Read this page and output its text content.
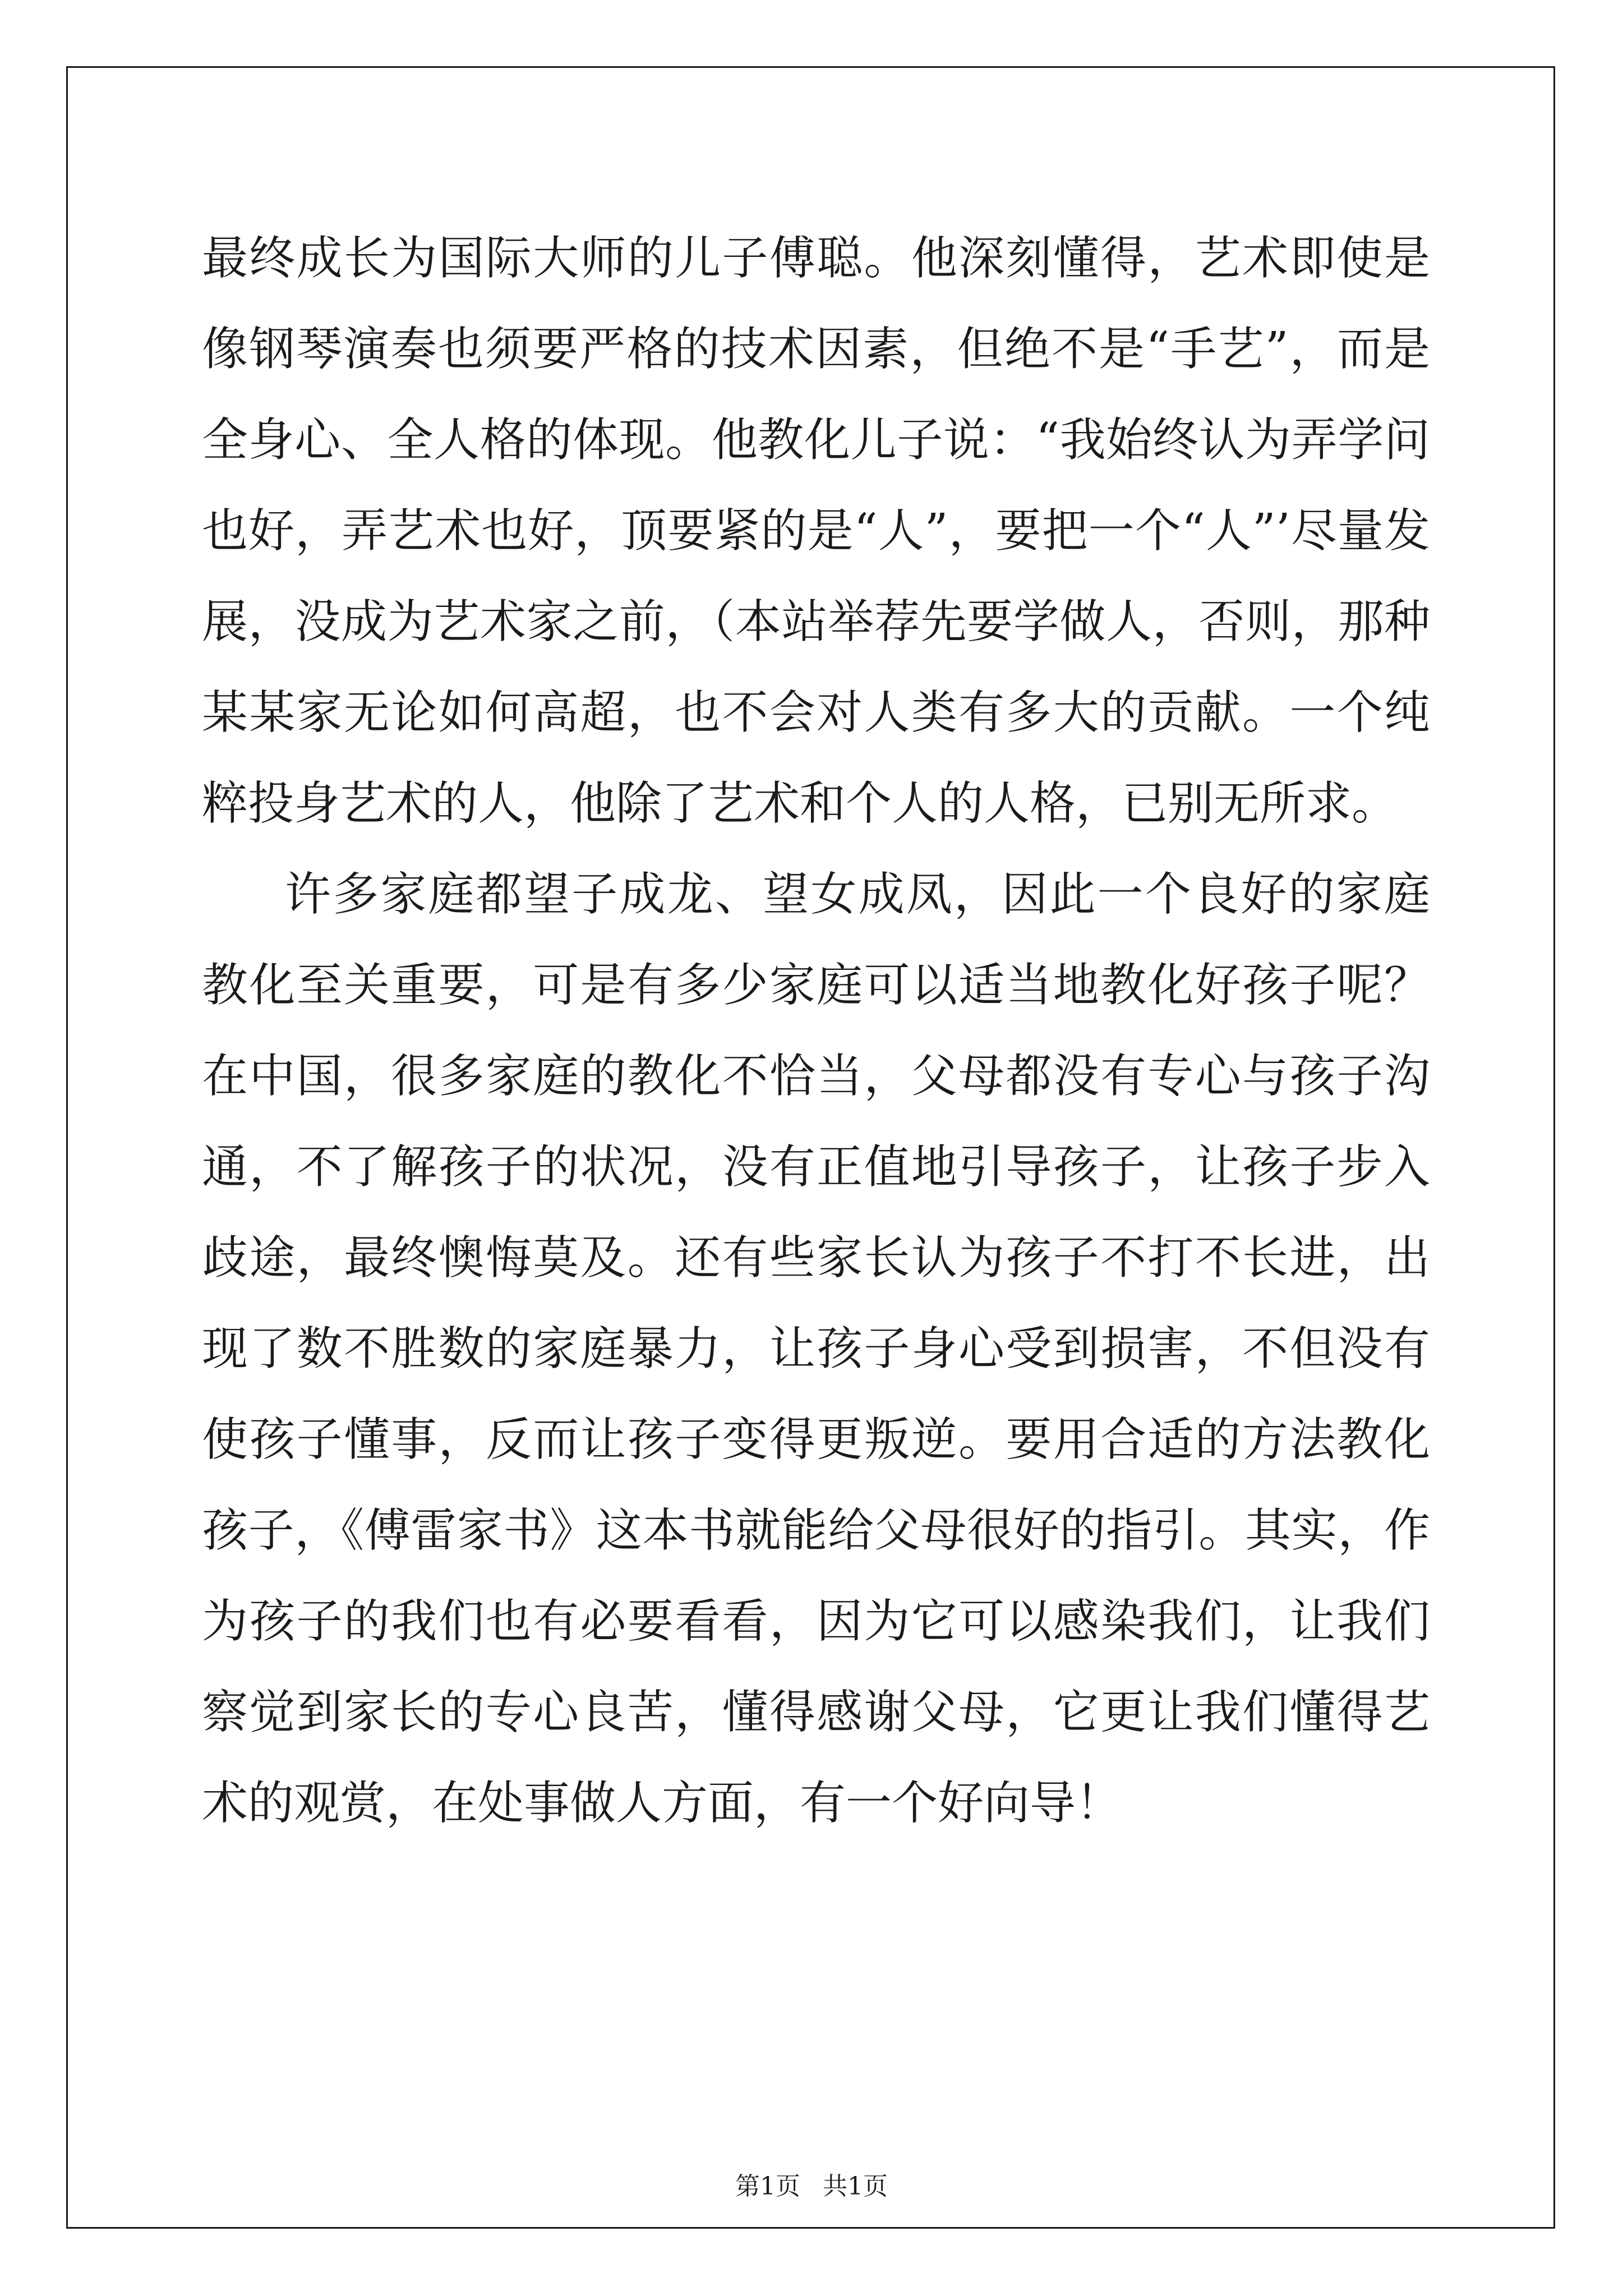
最终成长为国际大师的儿子傅聪。他深刻懂得，艺术即使是像钢琴演奏也须要严格的技术因素，但绝不是“手艺”，而是全身心、全人格的体现。他教化儿子说：“我始终认为弄学问也好，弄艺术也好，顶要紧的是“人”，要把一个“人”’尽量发展，没成为艺术家之前，（本站举荐先要学做人，否则，那种某某家无论如何高超，也不会对人类有多大的贡献。一个纯粹投身艺术的人，他除了艺术和个人的人格，已别无所求。

许多家庭都望子成龙、望女成凤，因此一个良好的家庭教化至关重要，可是有多少家庭可以适当地教化好孩子呢？在中国，很多家庭的教化不恰当，父母都没有专心与孩子沟通，不了解孩子的状况，没有正值地引导孩子，让孩子步入歧途，最终懊悔莫及。还有些家长认为孩子不打不长进，出现了数不胜数的家庭暴力，让孩子身心受到损害，不但没有使孩子懂事，反而让孩子变得更叛逆。要用合适的方法教化孩子，《傅雷家书》这本书就能给父母很好的指引。其实，作为孩子的我们也有必要看看，因为它可以感染我们，让我们察觉到家长的专心良苦，懂得感谢父母，它更让我们懂得艺术的观赏，在处事做人方面，有一个好向导！

第1页 共1页
